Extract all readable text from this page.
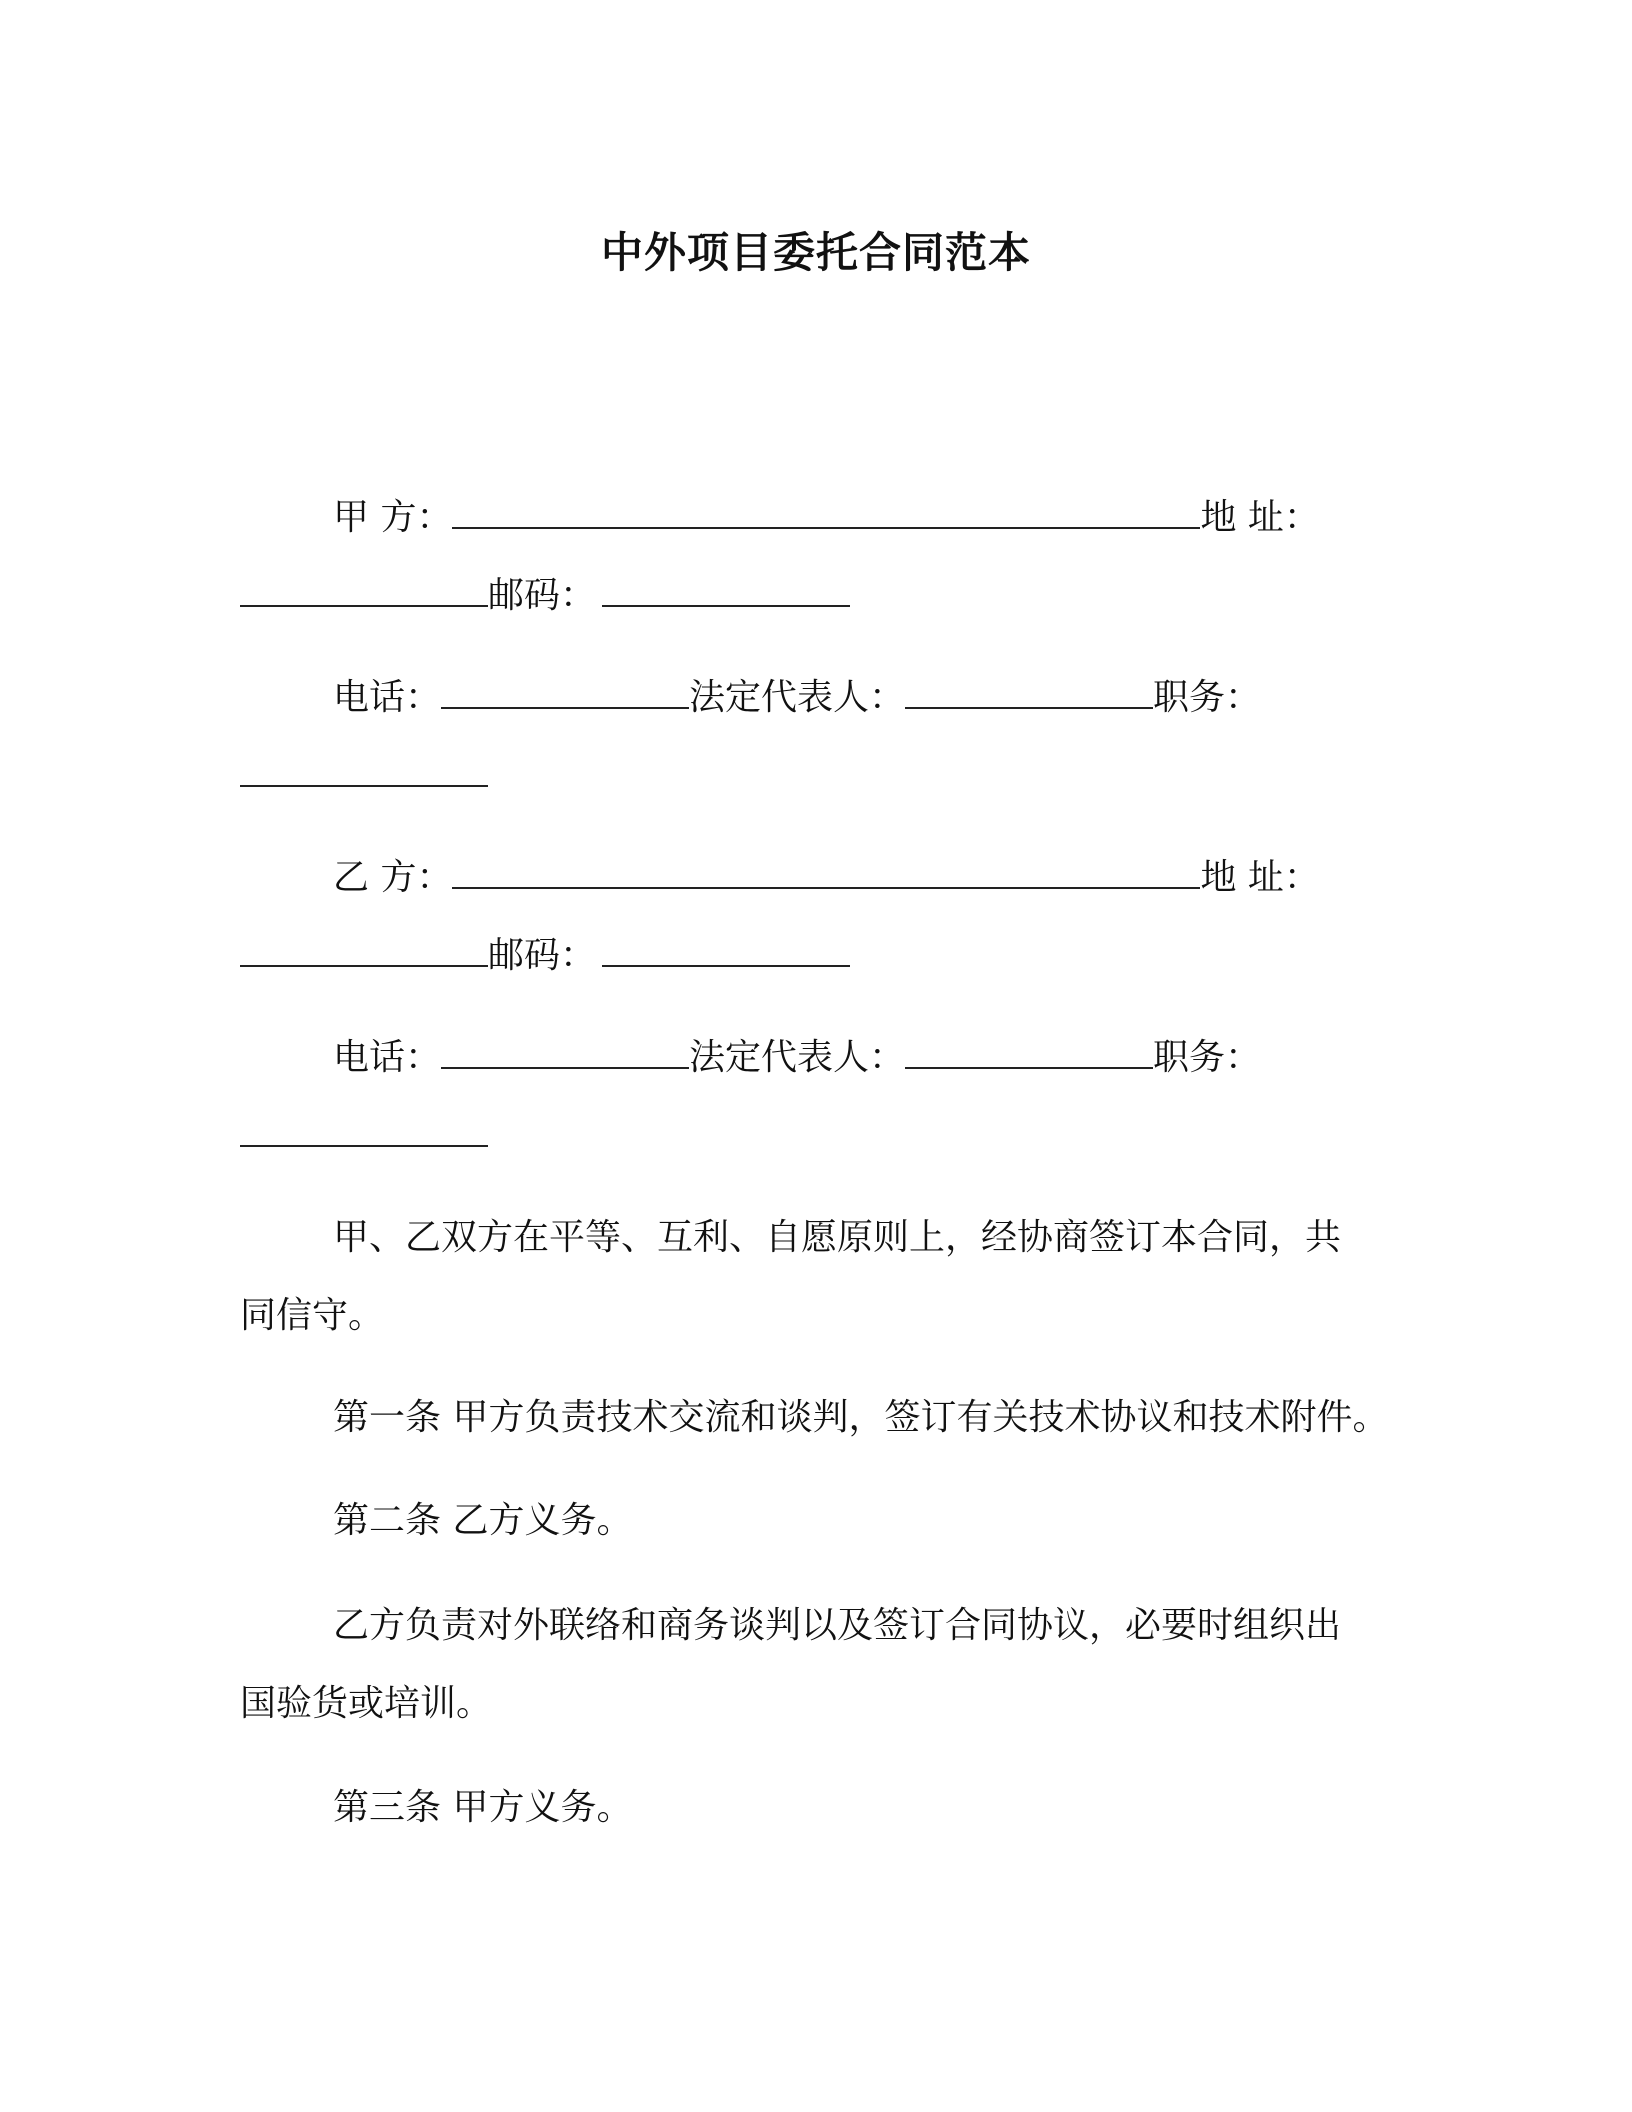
中外项目委托合同范本
甲 方：	地 址：
邮码：
电话：	法定代表人：	职务：
乙 方：	地 址：
邮码：
电话：	法定代表人：	职务：
甲、乙双方在平等、互利、自愿原则上，经协商签订本合同，共
同信守。
第一条 甲方负责技术交流和谈判，签订有关技术协议和技术附件。
第二条 乙方义务。
乙方负责对外联络和商务谈判以及签订合同协议，必要时组织出
国验货或培训。
第三条 甲方义务。
